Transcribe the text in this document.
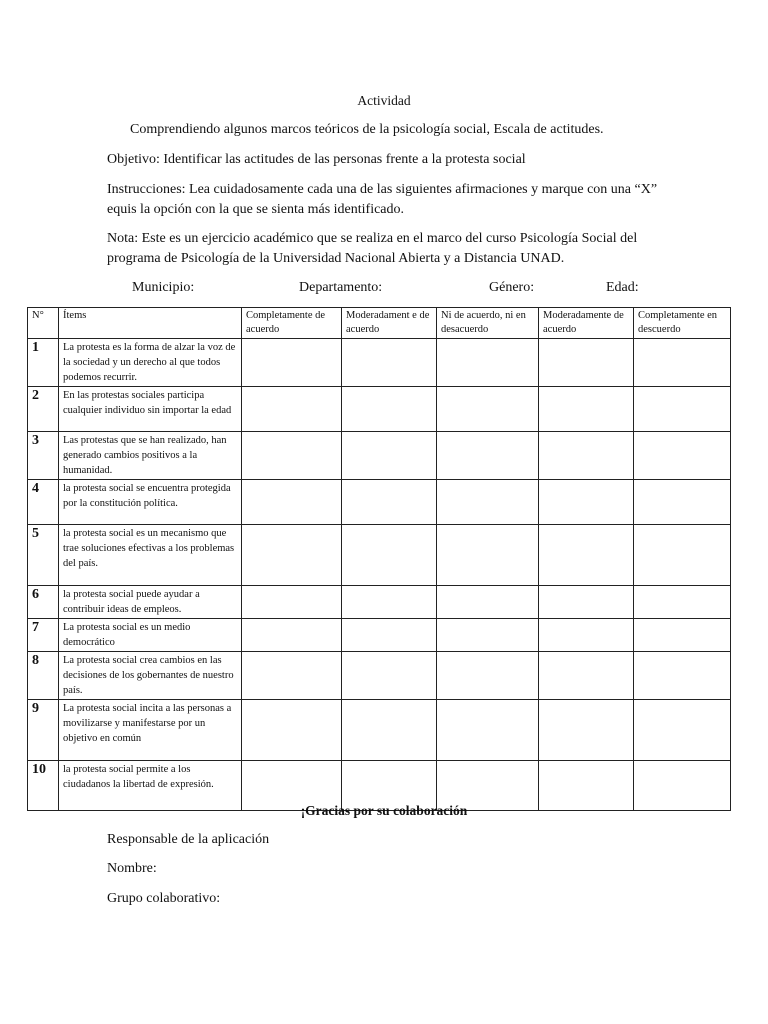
Actividad
Comprendiendo algunos marcos teóricos de la psicología social, Escala de actitudes.

Objetivo: Identificar las actitudes de las personas frente a la protesta social

Instrucciones: Lea cuidadosamente cada una de las siguientes afirmaciones y marque con una “X” equis la opción con la que se sienta más identificado.

Nota: Este es un ejercicio académico que se realiza en el marco del curso Psicología Social del programa de Psicología de la Universidad Nacional Abierta y a Distancia UNAD.

Municipio:	Departamento:	Género:	Edad:
N°	Ítems	Completamente de acuerdo	Moderadament e de acuerdo	Ni de acuerdo, ni en desacuerdo	Moderadamente de acuerdo	Completamente en descuerdo
1	La protesta es la forma de alzar la voz de la sociedad y un derecho al que todos podemos recurrir.					
2	En las protestas sociales participa cualquier individuo sin importar la edad					
3	Las protestas que se han realizado, han generado cambios positivos a la humanidad.					
4	la protesta social se encuentra protegida por la constitución política.					
5	la protesta social es un mecanismo que trae soluciones efectivas a los problemas del país.					
6	la protesta social puede ayudar a contribuir ideas de empleos.					
7	La protesta social es un medio democrático					
8	La protesta social crea cambios en las decisiones de los gobernantes de nuestro país.					
9	La protesta social incita a las personas a movilizarse y manifestarse por un objetivo en común					
10	la protesta social permite a los ciudadanos la libertad de expresión.					
¡Gracias por su colaboración
Responsable de la aplicación
Nombre:
Grupo colaborativo:
